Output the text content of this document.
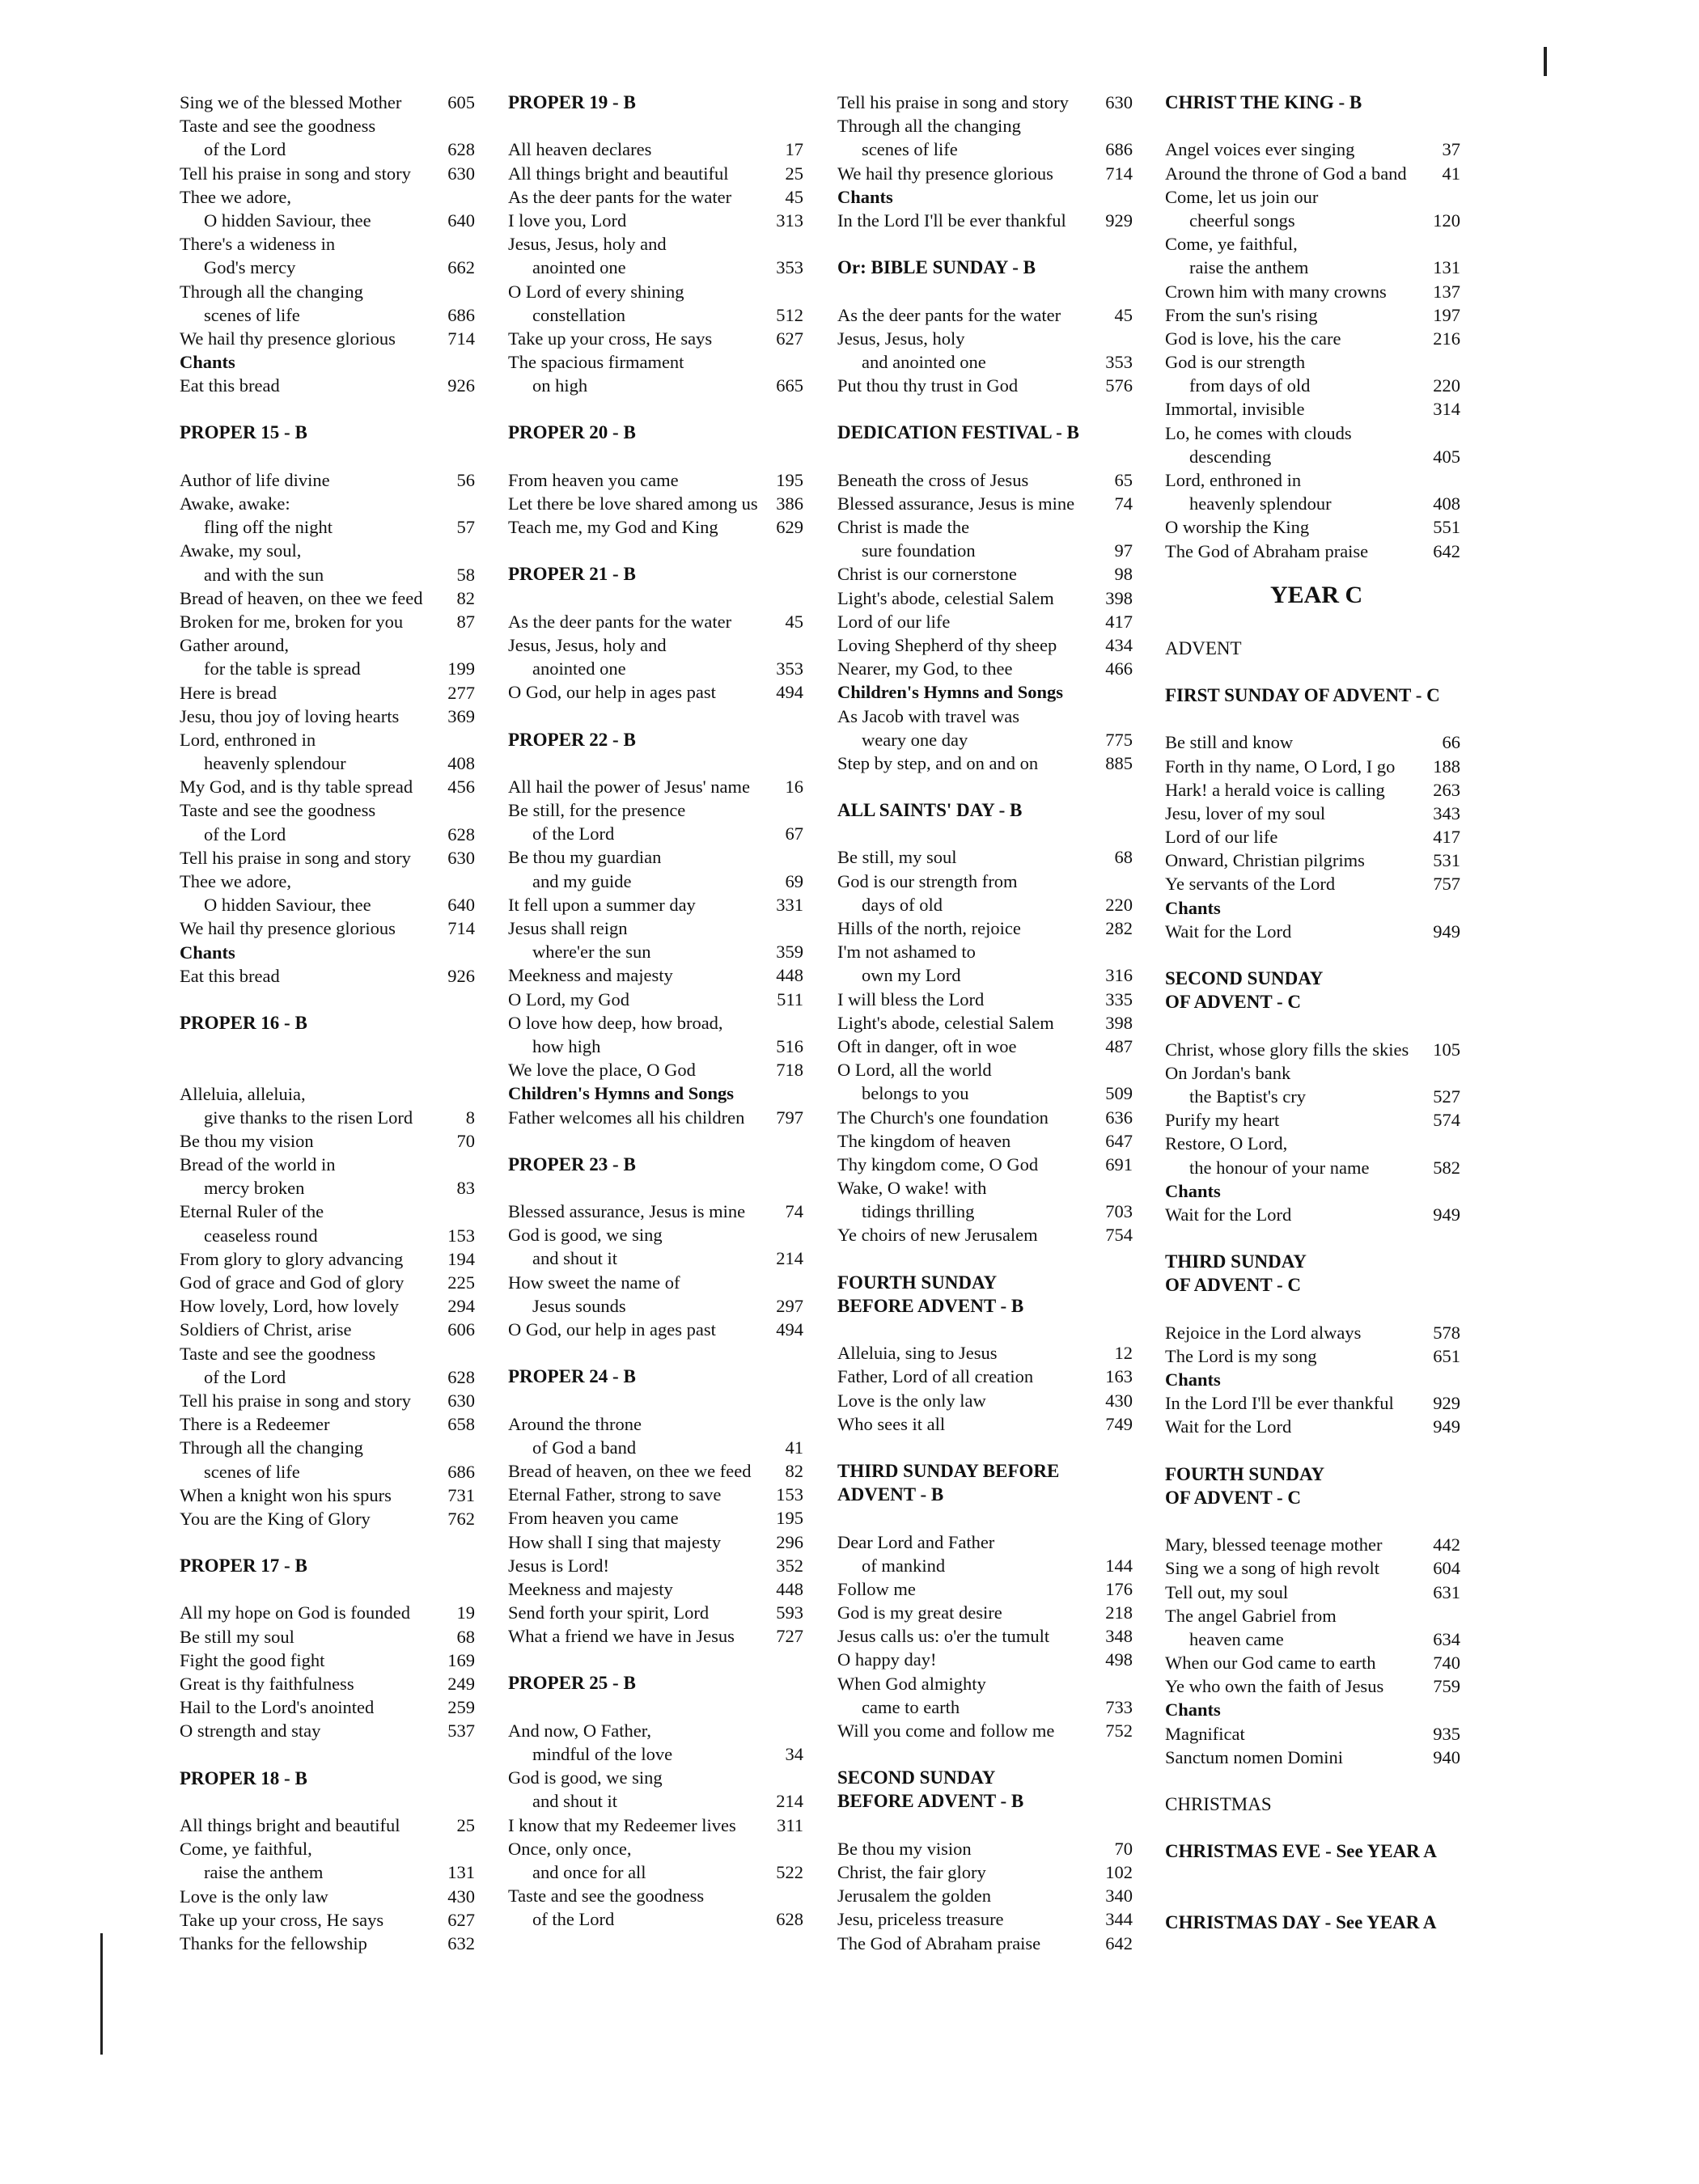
Sing we of the blessed Mother	605
Taste and see the goodness
of the Lord	628
Tell his praise in song and story 630
Thee we adore,
O hidden Saviour, thee	640
There's a wideness in
God's mercy	662
Through all the changing
scenes of life	686
We hail thy presence glorious	714
Chants
Eat this bread	926
PROPER 15 - B
Author of life divine	56
Awake, awake:
fling off the night	57
Awake, my soul,
and with the sun	58
Bread of heaven, on thee we feed 82
Broken for me, broken for you	87
Gather around,
for the table is spread	199
Here is bread	277
Jesu, thou joy of loving hearts	369
Lord, enthroned in
heavenly splendour	408
My God, and is thy table spread 456
Taste and see the goodness
of the Lord	628
Tell his praise in song and story 630
Thee we adore,
O hidden Saviour, thee	640
We hail thy presence glorious	714
Chants
Eat this bread	926
PROPER 16 - B
Alleluia, alleluia,
give thanks to the risen Lord	8
Be thou my vision	70
Bread of the world in
mercy broken	83
Eternal Ruler of the
ceaseless round	153
From glory to glory advancing 194
God of grace and God of glory 225
How lovely, Lord, how lovely	294
Soldiers of Christ, arise	606
Taste and see the goodness
of the Lord	628
Tell his praise in song and story 630
There is a Redeemer	658
Through all the changing
scenes of life	686
When a knight won his spurs	731
You are the King of Glory	762
PROPER 17 - B
All my hope on God is founded	19
Be still my soul	68
Fight the good fight	169
Great is thy faithfulness	249
Hail to the Lord's anointed	259
O strength and stay	537
PROPER 18 - B
All things bright and beautiful	25
Come, ye faithful,
raise the anthem	131
Love is the only law	430
Take up your cross, He says	627
Thanks for the fellowship	632
PROPER 19 - B
All heaven declares	17
All things bright and beautiful	25
As the deer pants for the water	45
I love you, Lord	313
Jesus, Jesus, holy and
anointed one	353
O Lord of every shining
constellation	512
Take up your cross, He says	627
The spacious firmament
on high	665
PROPER 20 - B
From heaven you came	195
Let there be love shared among us 386
Teach me, my God and King	629
PROPER 21 - B
As the deer pants for the water	45
Jesus, Jesus, holy and
anointed one	353
O God, our help in ages past	494
PROPER 22 - B
All hail the power of Jesus' name 16
Be still, for the presence
of the Lord	67
Be thou my guardian
and my guide	69
It fell upon a summer day	331
Jesus shall reign
where'er the sun	359
Meekness and majesty	448
O Lord, my God	511
O love how deep, how broad,
how high	516
We love the place, O God	718
Children's Hymns and Songs
Father welcomes all his children 797
PROPER 23 - B
Blessed assurance, Jesus is mine 74
God is good, we sing
and shout it	214
How sweet the name of
Jesus sounds	297
O God, our help in ages past	494
PROPER 24 - B
Around the throne
of God a band	41
Bread of heaven, on thee we feed 82
Eternal Father, strong to save	153
From heaven you came	195
How shall I sing that majesty	296
Jesus is Lord!	352
Meekness and majesty	448
Send forth your spirit, Lord	593
What a friend we have in Jesus 727
PROPER 25 - B
And now, O Father,
mindful of the love	34
God is good, we sing
and shout it	214
I know that my Redeemer lives 311
Once, only once,
and once for all	522
Taste and see the goodness
of the Lord	628
Tell his praise in song and story 630
Through all the changing
scenes of life	686
We hail thy presence glorious	714
Chants
In the Lord I'll be ever thankful 929
Or: BIBLE SUNDAY - B
As the deer pants for the water	45
Jesus, Jesus, holy
and anointed one	353
Put thou thy trust in God	576
DEDICATION FESTIVAL - B
Beneath the cross of Jesus	65
Blessed assurance, Jesus is mine 74
Christ is made the
sure foundation	97
Christ is our cornerstone	98
Light's abode, celestial Salem	398
Lord of our life	417
Loving Shepherd of thy sheep	434
Nearer, my God, to thee	466
Children's Hymns and Songs
As Jacob with travel was
weary one day	775
Step by step, and on and on	885
ALL SAINTS' DAY - B
Be still, my soul	68
God is our strength from
days of old	220
Hills of the north, rejoice	282
I'm not ashamed to
own my Lord	316
I will bless the Lord	335
Light's abode, celestial Salem	398
Oft in danger, oft in woe	487
O Lord, all the world
belongs to you	509
The Church's one foundation	636
The kingdom of heaven	647
Thy kingdom come, O God	691
Wake, O wake! with
tidings thrilling	703
Ye choirs of new Jerusalem	754
FOURTH SUNDAY
BEFORE ADVENT - B
Alleluia, sing to Jesus	12
Father, Lord of all creation	163
Love is the only law	430
Who sees it all	749
THIRD SUNDAY BEFORE
ADVENT - B
Dear Lord and Father
of mankind	144
Follow me	176
God is my great desire	218
Jesus calls us: o'er the tumult	348
O happy day!	498
When God almighty
came to earth	733
Will you come and follow me	752
SECOND SUNDAY
BEFORE ADVENT - B
Be thou my vision	70
Christ, the fair glory	102
Jerusalem the golden	340
Jesu, priceless treasure	344
The God of Abraham praise	642
CHRIST THE KING - B
Angel voices ever singing	37
Around the throne of God a band 41
Come, let us join our
cheerful songs	120
Come, ye faithful,
raise the anthem	131
Crown him with many crowns	137
From the sun's rising	197
God is love, his the care	216
God is our strength
from days of old	220
Immortal, invisible	314
Lo, he comes with clouds
descending	405
Lord, enthroned in
heavenly splendour	408
O worship the King	551
The God of Abraham praise	642
YEAR C
ADVENT
FIRST SUNDAY OF ADVENT - C
Be still and know	66
Forth in thy name, O Lord, I go 188
Hark! a herald voice is calling	263
Jesu, lover of my soul	343
Lord of our life	417
Onward, Christian pilgrims	531
Ye servants of the Lord	757
Chants
Wait for the Lord	949
SECOND SUNDAY
OF ADVENT - C
Christ, whose glory fills the skies 105
On Jordan's bank
the Baptist's cry	527
Purify my heart	574
Restore, O Lord,
the honour of your name	582
Chants
Wait for the Lord	949
THIRD SUNDAY
OF ADVENT - C
Rejoice in the Lord always	578
The Lord is my song	651
Chants
In the Lord I'll be ever thankful 929
Wait for the Lord	949
FOURTH SUNDAY
OF ADVENT - C
Mary, blessed teenage mother	442
Sing we a song of high revolt	604
Tell out, my soul	631
The angel Gabriel from
heaven came	634
When our God came to earth	740
Ye who own the faith of Jesus	759
Chants
Magnificat	935
Sanctum nomen Domini	940
CHRISTMAS
CHRISTMAS EVE - See YEAR A
CHRISTMAS DAY - See YEAR A
